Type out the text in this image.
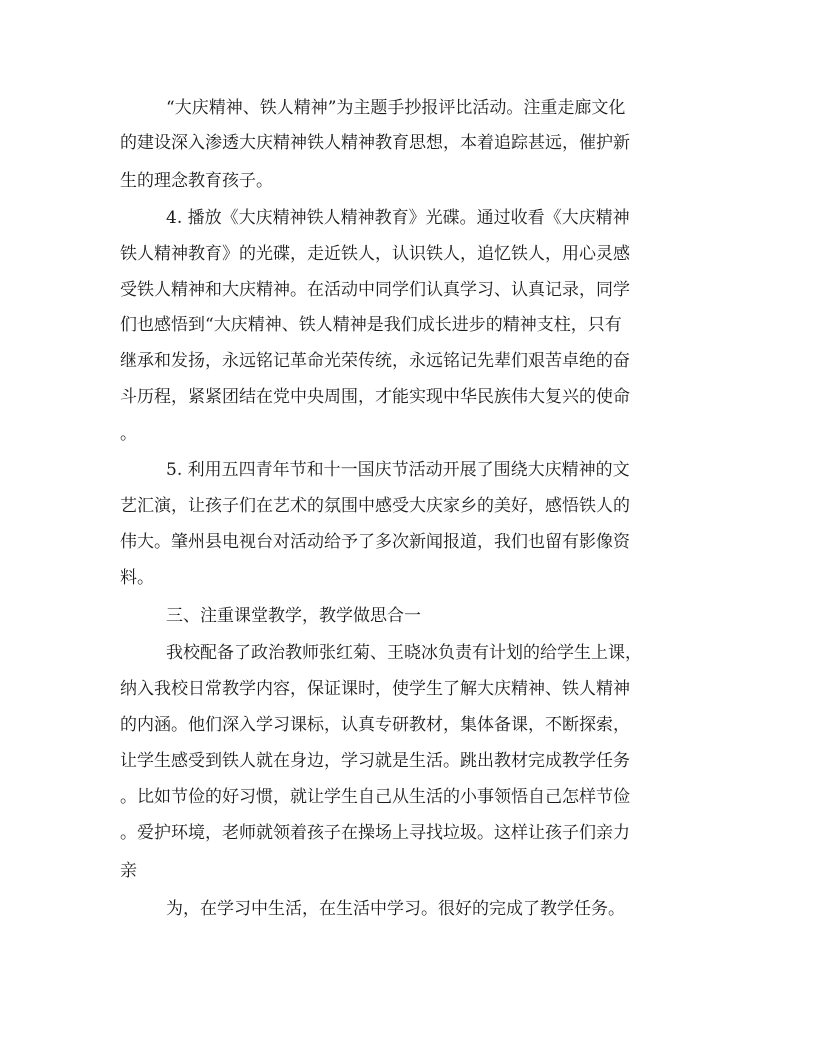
“大庆精神、铁人精神”为主题手抄报评比活动。注重走廊文化
的建设深入渗透大庆精神铁人精神教育思想，本着追踪甚远，催护新
生的理念教育孩子。
4. 播放《大庆精神铁人精神教育》光碟。通过收看《大庆精神
铁人精神教育》的光碟，走近铁人，认识铁人，追忆铁人，用心灵感
受铁人精神和大庆精神。在活动中同学们认真学习、认真记录，同学
们也感悟到“大庆精神、铁人精神是我们成长进步的精神支柱，只有
继承和发扬，永远铭记革命光荣传统，永远铭记先辈们艰苦卓绝的奋
斗历程，紧紧团结在党中央周围，才能实现中华民族伟大复兴的使命
。
5. 利用五四青年节和十一国庆节活动开展了围绕大庆精神的文
艺汇演，让孩子们在艺术的氛围中感受大庆家乡的美好，感悟铁人的
伟大。肇州县电视台对活动给予了多次新闻报道，我们也留有影像资
料。
三、注重课堂教学，教学做思合一
我校配备了政治教师张红菊、王晓冰负责有计划的给学生上课，
纳入我校日常教学内容，保证课时，使学生了解大庆精神、铁人精神
的内涵。他们深入学习课标，认真专研教材，集体备课，不断探索，
让学生感受到铁人就在身边，学习就是生活。跳出教材完成教学任务
。比如节俭的好习惯，就让学生自己从生活的小事领悟自己怎样节俭
。爱护环境，老师就领着孩子在操场上寻找垃圾。这样让孩子们亲力
亲
为，在学习中生活，在生活中学习。很好的完成了教学任务。
